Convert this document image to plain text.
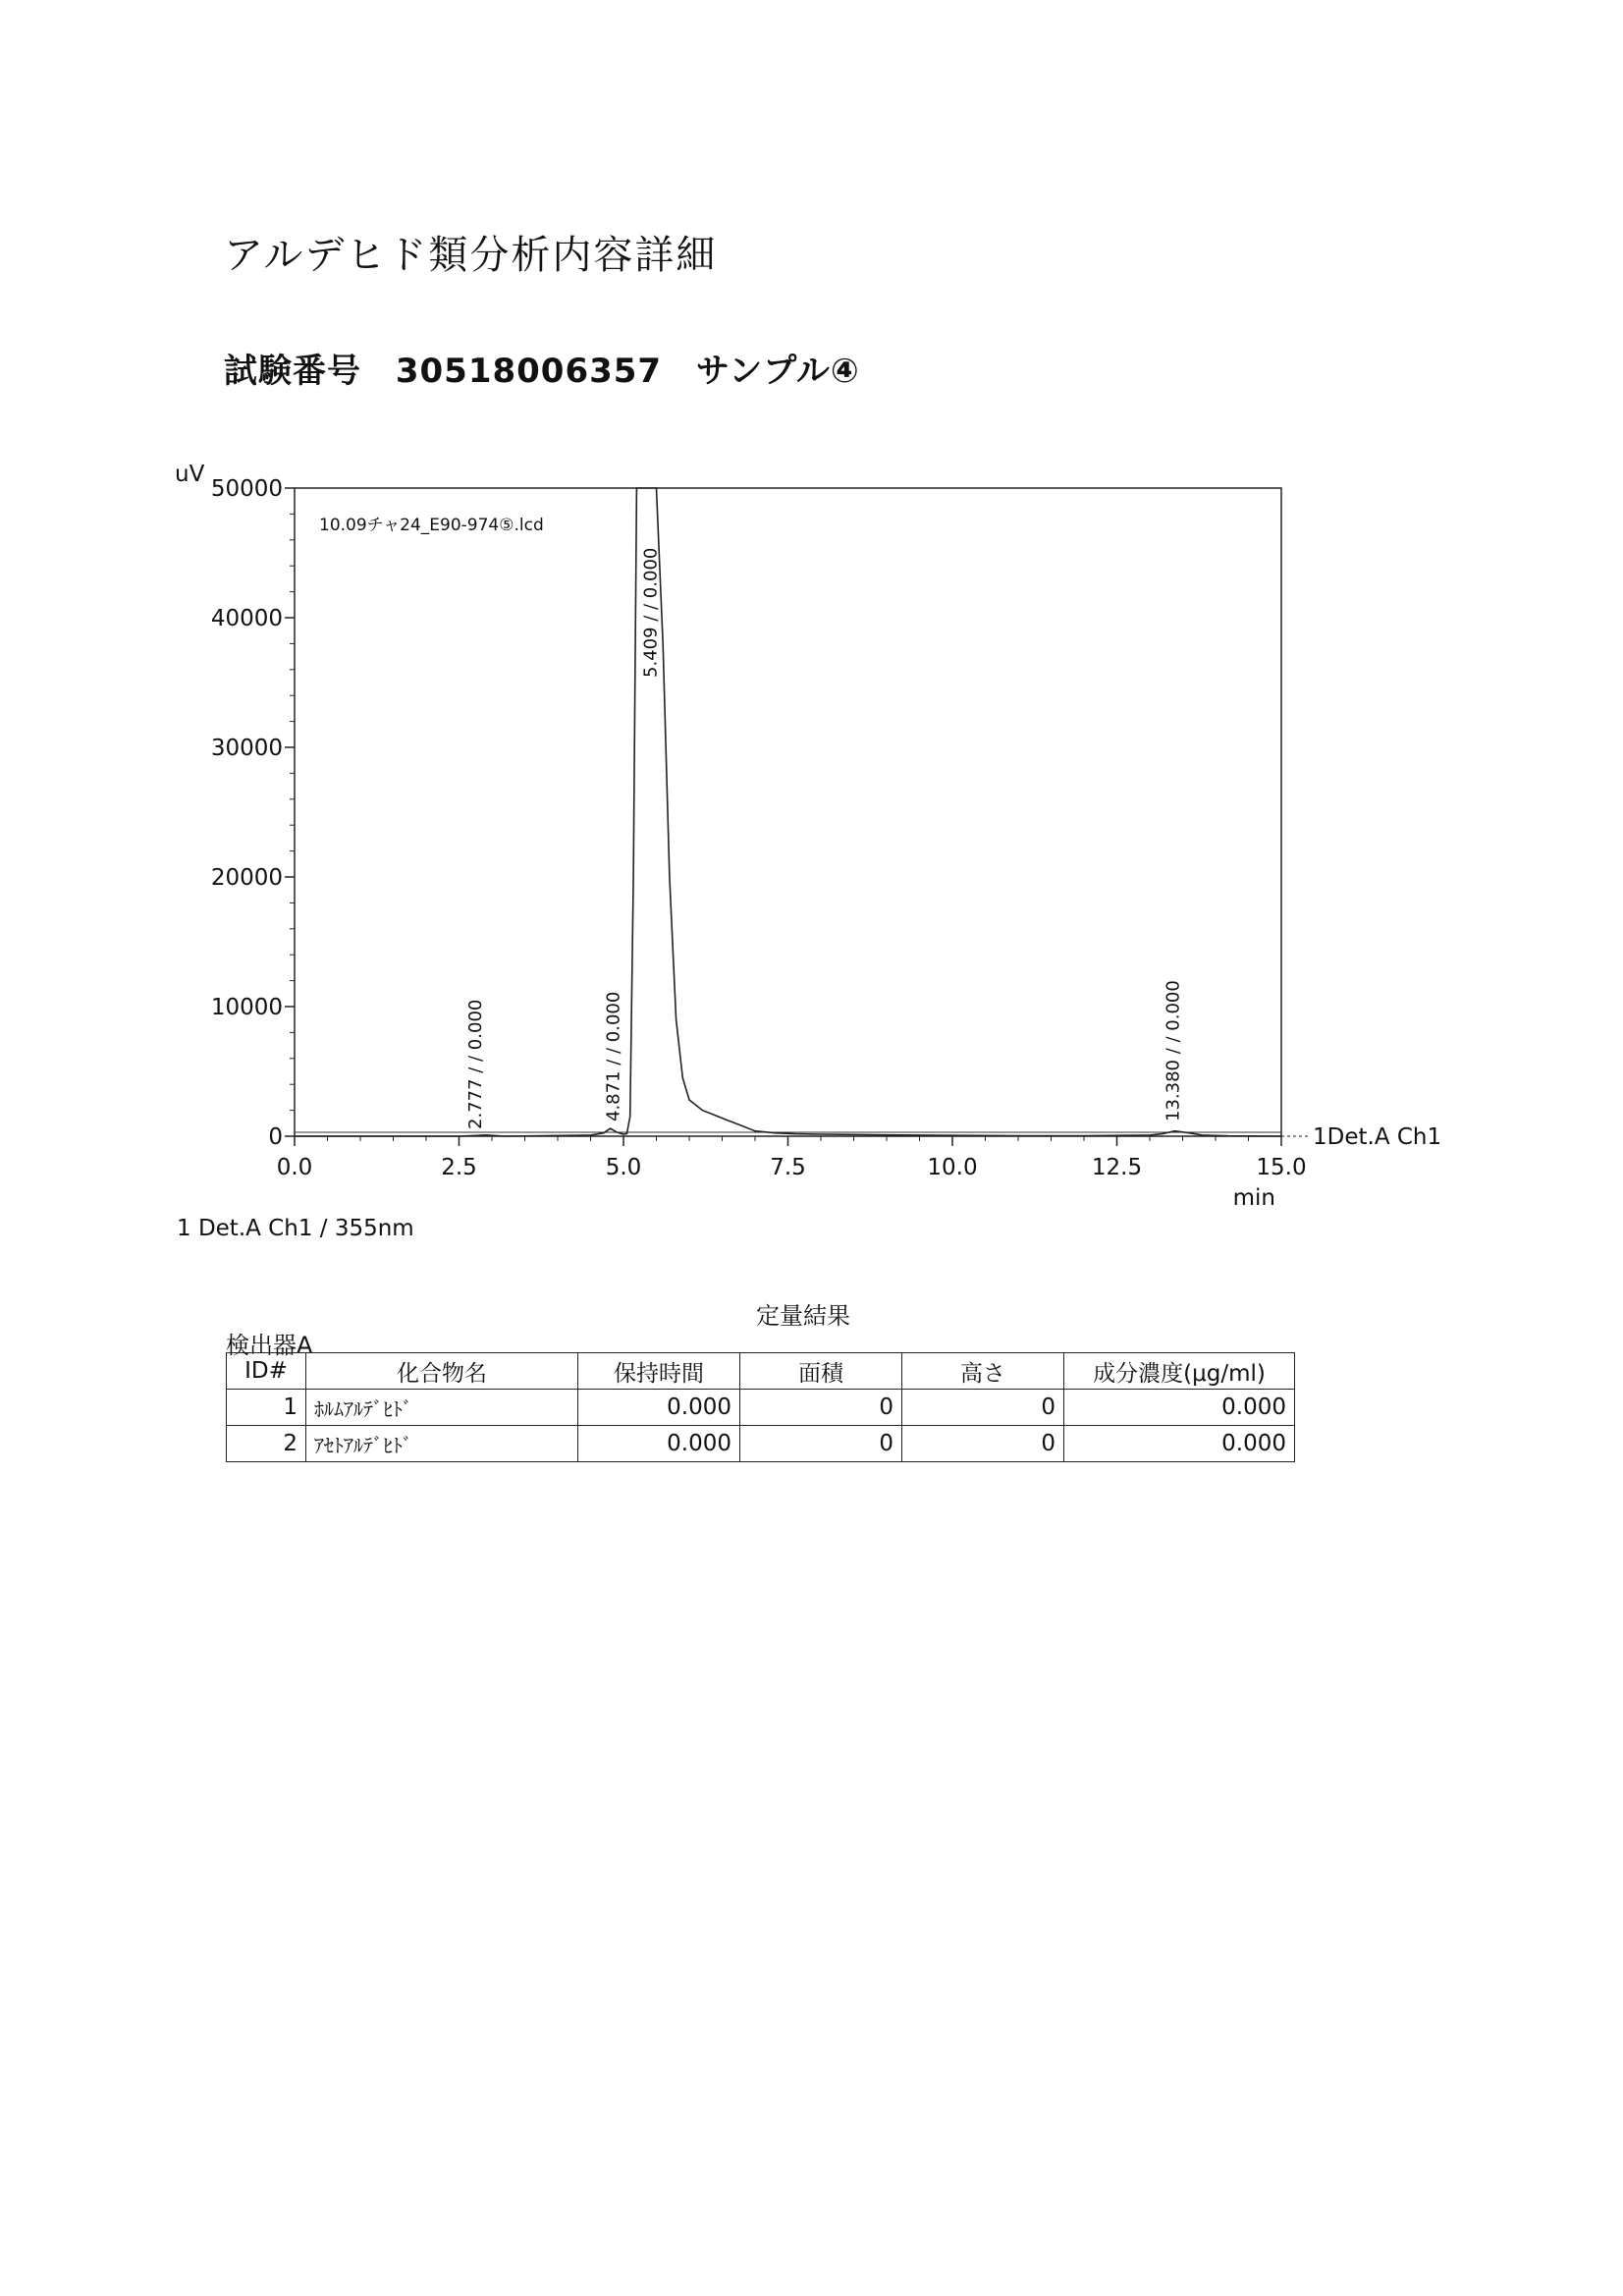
アルデヒド類分析内容詳細
試験番号 30518006357 サンプル④
0
10000
20000
30000
40000
50000
0.0	2.5	5.0	7.5	10.0	12.5	15.0
uV
min
10.09チャ24_E90-974⑤.lcd
1Det.A Ch1
2.777 / / 0.000	4.871 / / 0.000
5.409 / / 0.000
13.380 / / 0.000
1 Det.A Ch1 / 355nm
定量結果
検出器A
ID#	化合物名	保持時間	面積	高さ	成分濃度(μg/ml)
1	ﾎﾙﾑｱﾙﾃﾞﾋﾄﾞ	0.000	0	0	0.000
2	ｱｾﾄｱﾙﾃﾞﾋﾄﾞ	0.000	0	0	0.000
